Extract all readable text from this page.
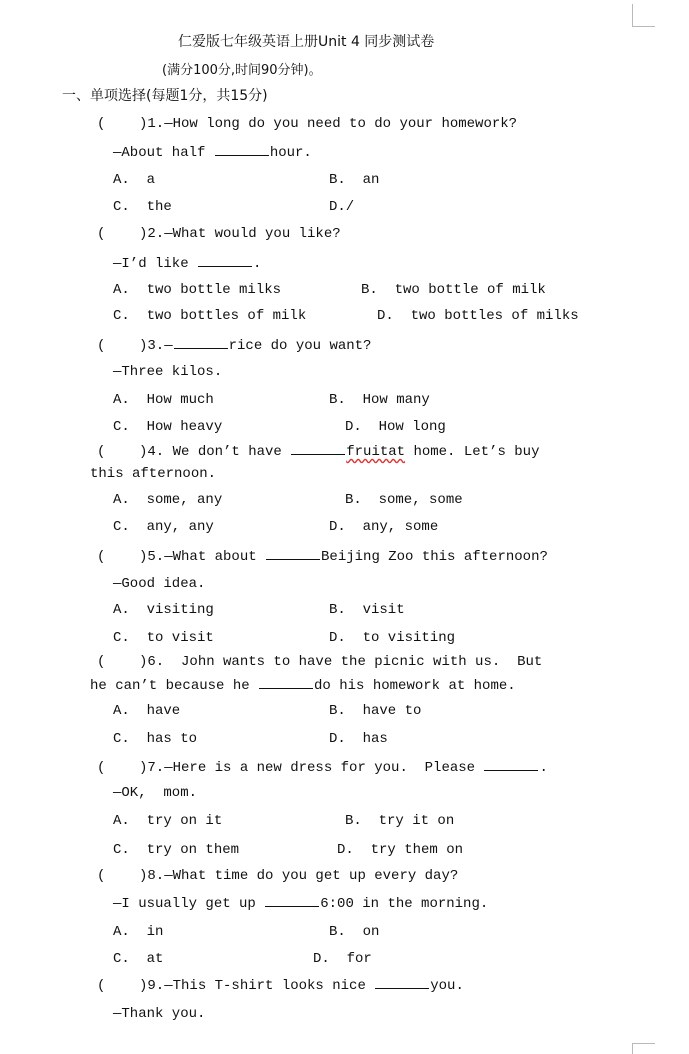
仁爱版七年级英语上册Unit 4 同步测试卷
(满分100分,时间90分钟)。
一、单项选择(每题1分，共15分)
(    )1.—How long do you need to do your homework?
—About half	hour.
A.  a	B.  an
C.  the	D./
(    )2.—What would you like?
—I’d like	.
A.  two bottle milks	B.  two bottle of milk
C.  two bottles of milk	D.  two bottles of milks
(    )3.—	rice do you want?
—Three kilos.
A.  How much	B.  How many
C.  How heavy	D.  How long
(    )4. We don’t have	fruitat home. Let’s buy
this afternoon.
A.  some, any	B.  some, some
C.  any, any	D.  any, some
(    )5.—What about	Beijing Zoo this afternoon?
—Good idea.
A.  visiting	B.  visit
C.  to visit	D.  to visiting
(    )6.  John wants to have the picnic with us.  But
he can’t because he	do his homework at home.
A.  have	B.  have to
C.  has to	D.  has
(    )7.—Here is a new dress for you.  Please	.
—OK,  mom.
A.  try on it	B.  try it on
C.  try on them	D.  try them on
(    )8.—What time do you get up every day?
—I usually get up	6:00 in the morning.
A.  in	B.  on
C.  at	D.  for
(    )9.—This T-shirt looks nice	you.
—Thank you.
